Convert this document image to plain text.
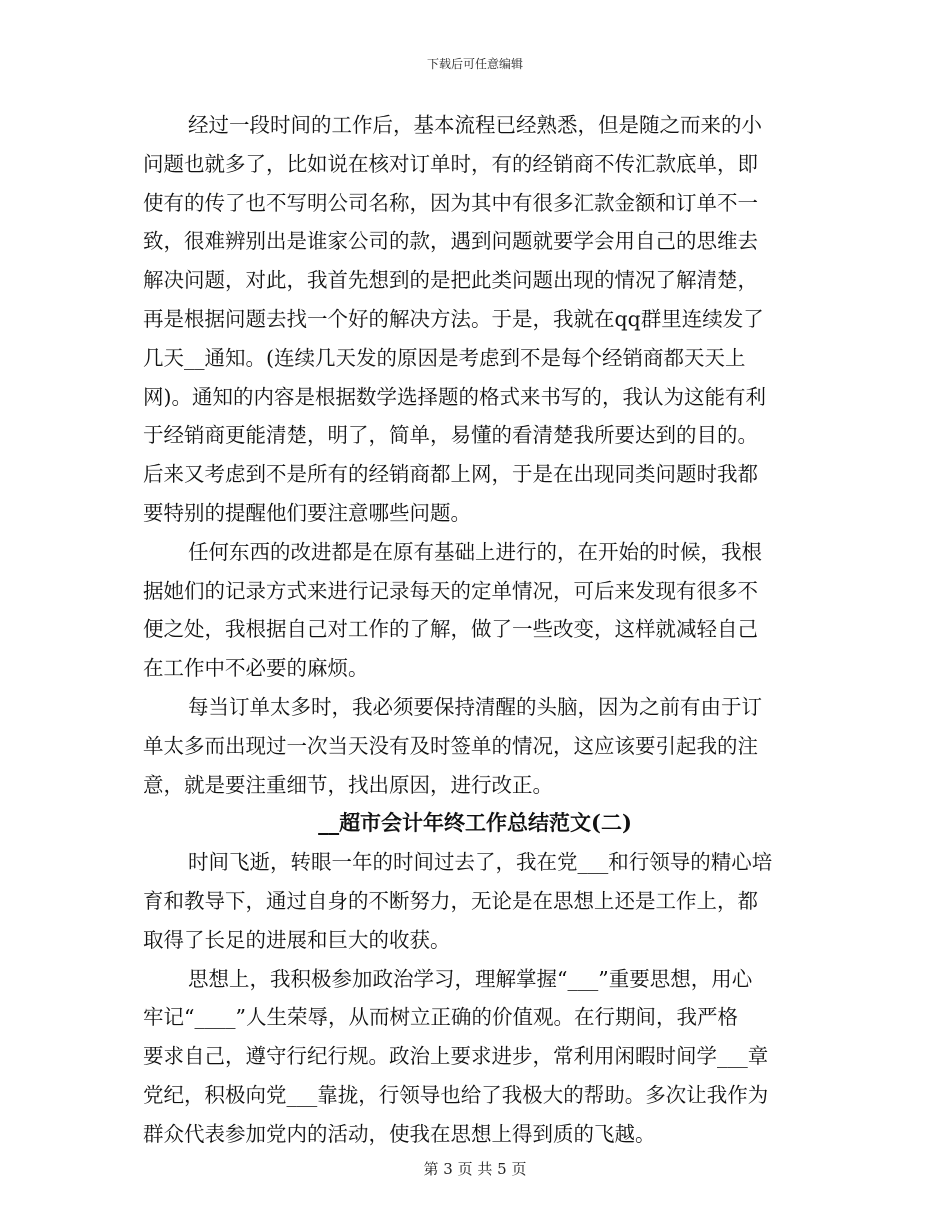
下载后可任意编辑
经过一段时间的工作后，基本流程已经熟悉，但是随之而来的小
问题也就多了，比如说在核对订单时，有的经销商不传汇款底单，即
使有的传了也不写明公司名称，因为其中有很多汇款金额和订单不一
致，很难辨别出是谁家公司的款，遇到问题就要学会用自己的思维去
解决问题，对此，我首先想到的是把此类问题出现的情况了解清楚，
再是根据问题去找一个好的解决方法。于是，我就在qq群里连续发了
几天__通知。(连续几天发的原因是考虑到不是每个经销商都天天上
网)。通知的内容是根据数学选择题的格式来书写的，我认为这能有利
于经销商更能清楚，明了，简单，易懂的看清楚我所要达到的目的。
后来又考虑到不是所有的经销商都上网，于是在出现同类问题时我都
要特别的提醒他们要注意哪些问题。
任何东西的改进都是在原有基础上进行的，在开始的时候，我根
据她们的记录方式来进行记录每天的定单情况，可后来发现有很多不
便之处，我根据自己对工作的了解，做了一些改变，这样就减轻自己
在工作中不必要的麻烦。
每当订单太多时，我必须要保持清醒的头脑，因为之前有由于订
单太多而出现过一次当天没有及时签单的情况，这应该要引起我的注
意，就是要注重细节，找出原因，进行改正。
__超市会计年终工作总结范文(二)
时间飞逝，转眼一年的时间过去了，我在党___和行领导的精心培
育和教导下，通过自身的不断努力，无论是在思想上还是工作上，都
取得了长足的进展和巨大的收获。
思想上，我积极参加政治学习，理解掌握“___”重要思想，用心
牢记“____”人生荣辱，从而树立正确的价值观。在行期间，我严格
要求自己，遵守行纪行规。政治上要求进步，常利用闲暇时间学___章
党纪，积极向党___靠拢，行领导也给了我极大的帮助。多次让我作为
群众代表参加党内的活动，使我在思想上得到质的飞越。
第 3 页 共 5 页
